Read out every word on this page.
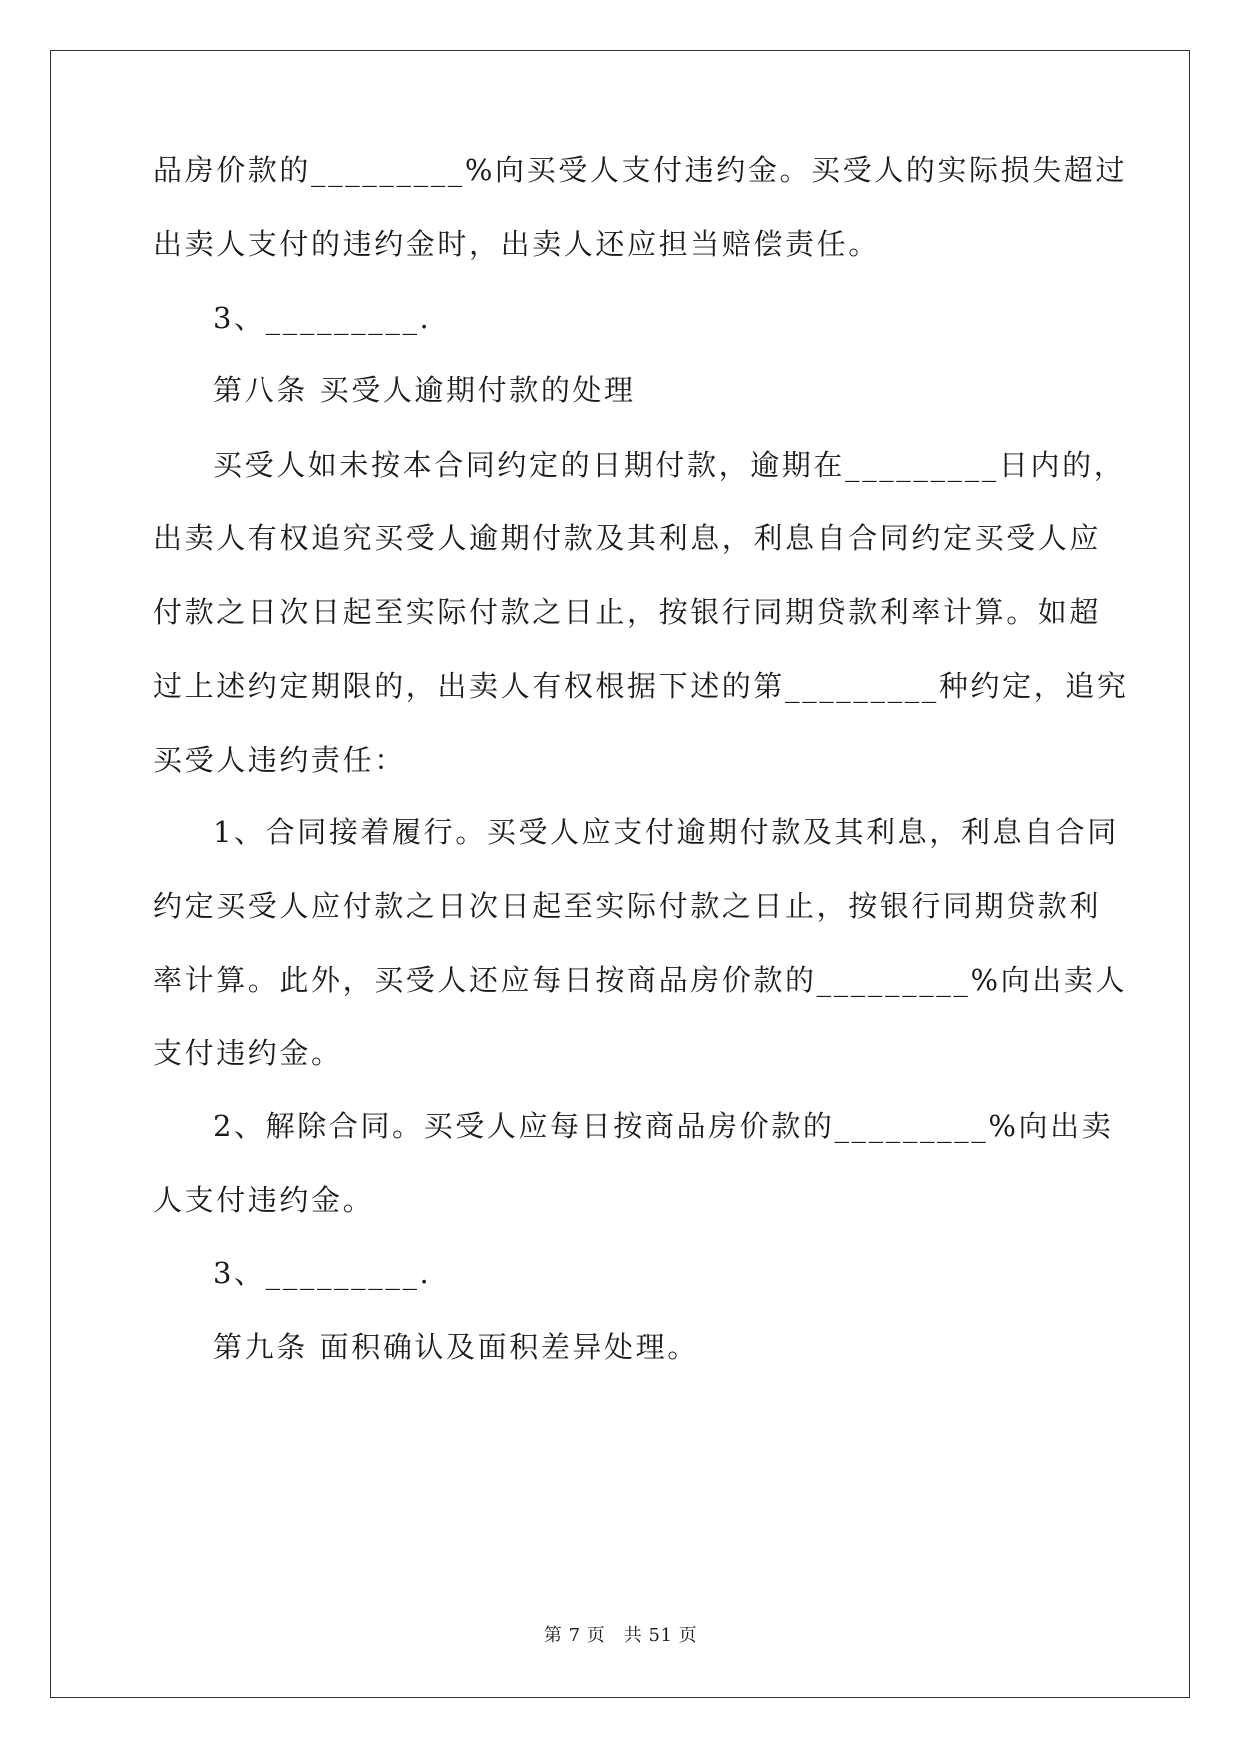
品房价款的_________%向买受人支付违约金。买受人的实际损失超过
出卖人支付的违约金时，出卖人还应担当赔偿责任。
3、_________.
第八条 买受人逾期付款的处理
买受人如未按本合同约定的日期付款，逾期在_________日内的，
出卖人有权追究买受人逾期付款及其利息，利息自合同约定买受人应
付款之日次日起至实际付款之日止，按银行同期贷款利率计算。如超
过上述约定期限的，出卖人有权根据下述的第_________种约定，追究
买受人违约责任：
1、合同接着履行。买受人应支付逾期付款及其利息，利息自合同
约定买受人应付款之日次日起至实际付款之日止，按银行同期贷款利
率计算。此外，买受人还应每日按商品房价款的_________%向出卖人
支付违约金。
2、解除合同。买受人应每日按商品房价款的_________%向出卖
人支付违约金。
3、_________.
第九条 面积确认及面积差异处理。
第 7 页　共 51 页
